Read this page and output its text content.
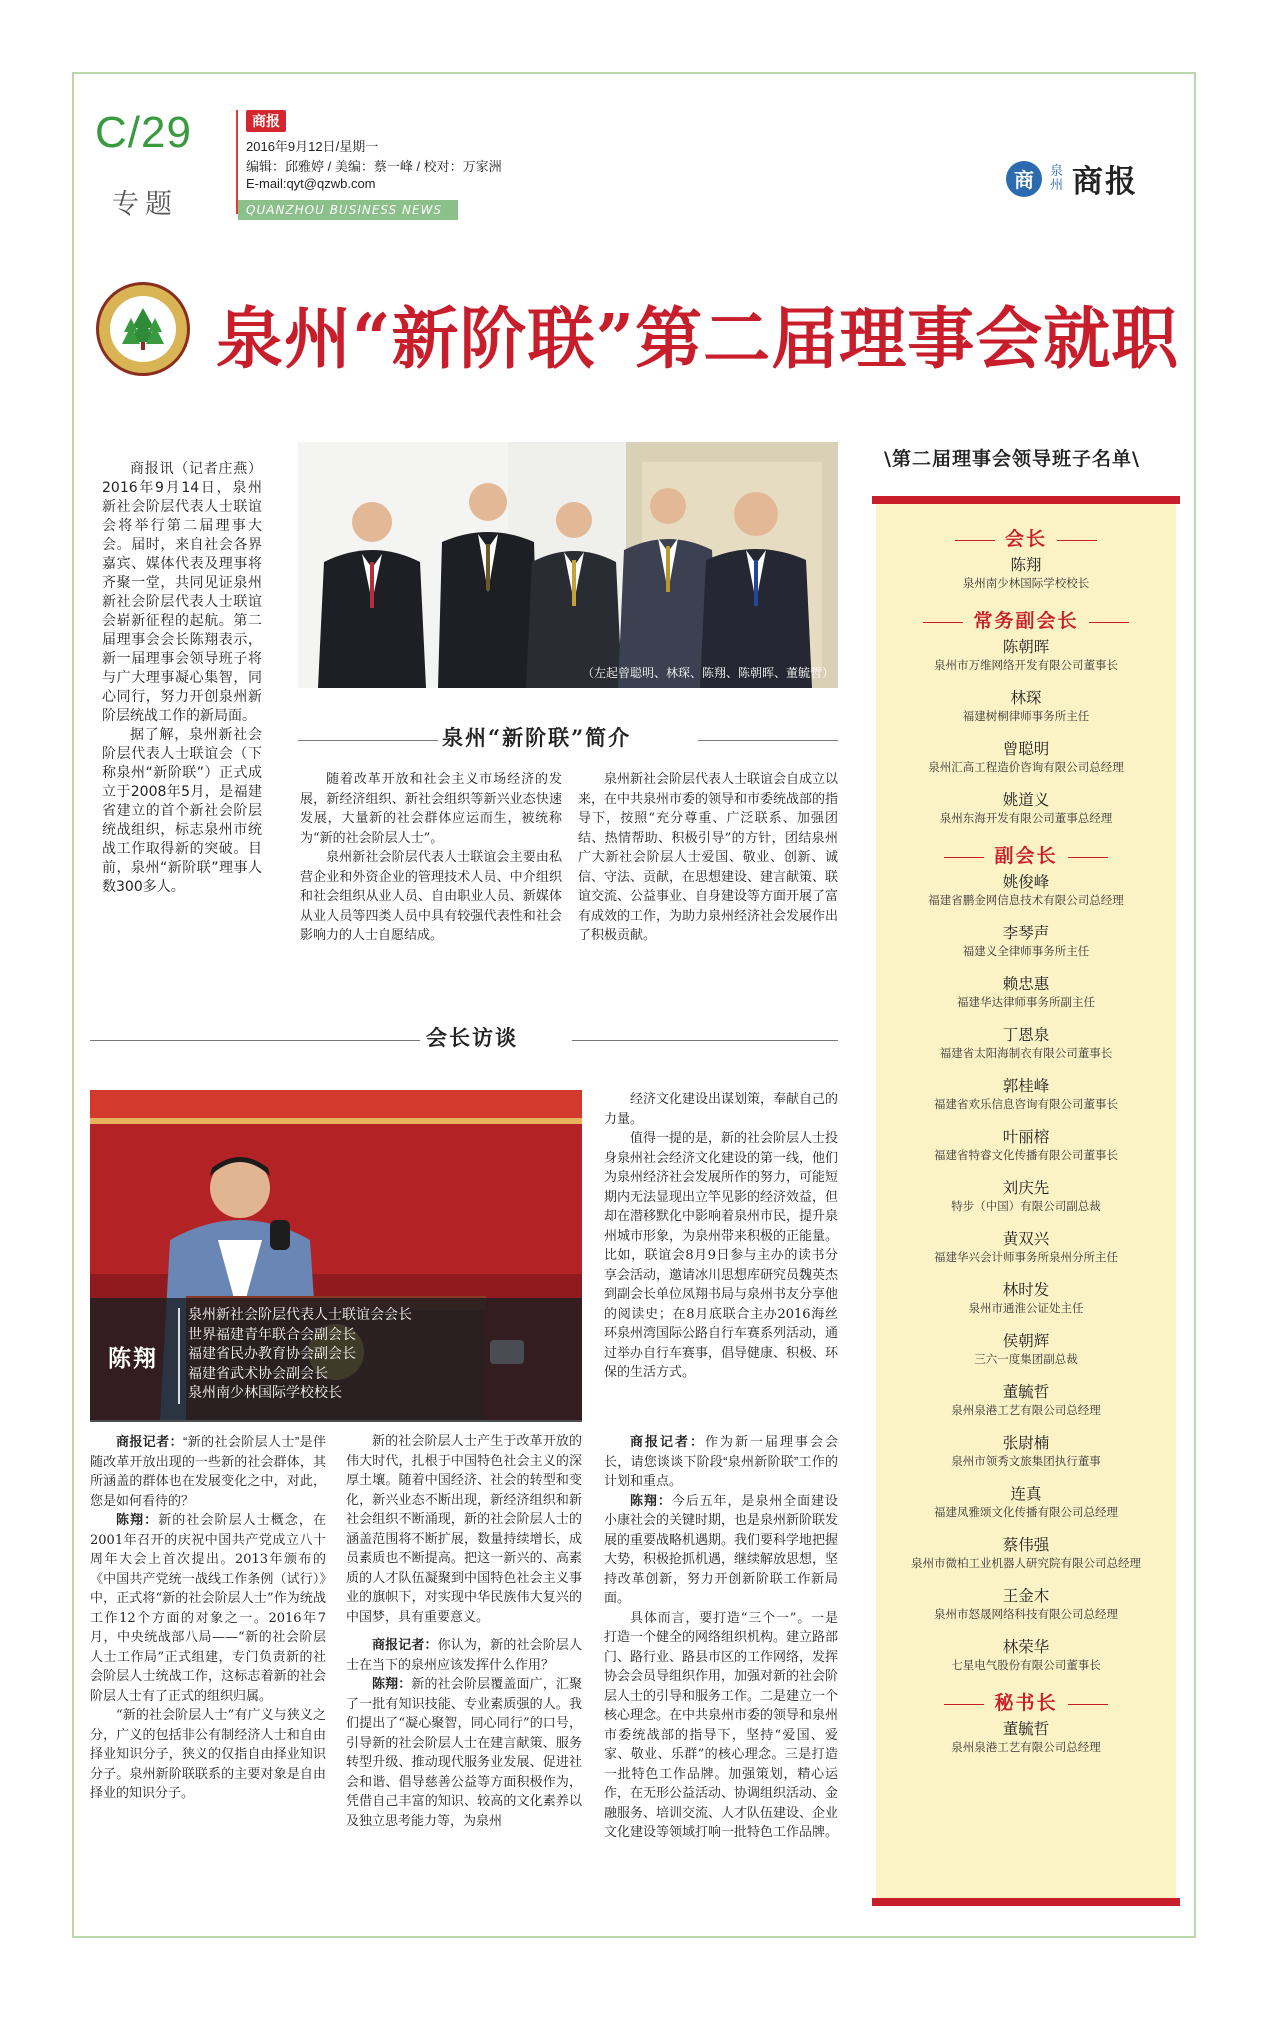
C/29
专题
商报
2016年9月12日/星期一
编辑：邱雅婷 / 美编：蔡一峰 / 校对：万家洲
E-mail:qyt@qzwb.com
QUANZHOU BUSINESS NEWS
商	泉州 商报
泉州“新阶联”第二届理事会就职

商报讯（记者庄燕）2016年9月14日，泉州新社会阶层代表人士联谊会将举行第二届理事大会。届时，来自社会各界嘉宾、媒体代表及理事将齐聚一堂，共同见证泉州新社会阶层代表人士联谊会崭新征程的起航。第二届理事会会长陈翔表示，新一届理事会领导班子将与广大理事凝心集智，同心同行，努力开创泉州新阶层统战工作的新局面。

据了解，泉州新社会阶层代表人士联谊会（下称泉州“新阶联”）正式成立于2008年5月，是福建省建立的首个新社会阶层统战组织，标志泉州市统战工作取得新的突破。目前，泉州“新阶联”理事人数300多人。

（左起曾聪明、林琛、陈翔、陈朝晖、董毓哲）
泉州“新阶联”简介

随着改革开放和社会主义市场经济的发展，新经济组织、新社会组织等新兴业态快速发展，大量新的社会群体应运而生，被统称为“新的社会阶层人士”。

泉州新社会阶层代表人士联谊会主要由私营企业和外资企业的管理技术人员、中介组织和社会组织从业人员、自由职业人员、新媒体从业人员等四类人员中具有较强代表性和社会影响力的人士自愿结成。

泉州新社会阶层代表人士联谊会自成立以来，在中共泉州市委的领导和市委统战部的指导下，按照“充分尊重、广泛联系、加强团结、热情帮助、积极引导”的方针，团结泉州广大新社会阶层人士爱国、敬业、创新、诚信、守法、贡献，在思想建设、建言献策、联谊交流、公益事业、自身建设等方面开展了富有成效的工作，为助力泉州经济社会发展作出了积极贡献。

会长访谈
陈翔
泉州新社会阶层代表人士联谊会会长
世界福建青年联合会副会长
福建省民办教育协会副会长
福建省武术协会副会长
泉州南少林国际学校校长

经济文化建设出谋划策，奉献自己的力量。

值得一提的是，新的社会阶层人士投身泉州社会经济文化建设的第一线，他们为泉州经济社会发展所作的努力，可能短期内无法显现出立竿见影的经济效益，但却在潜移默化中影响着泉州市民，提升泉州城市形象，为泉州带来积极的正能量。比如，联谊会8月9日参与主办的读书分享会活动，邀请冰川思想库研究员魏英杰到副会长单位凤翔书局与泉州书友分享他的阅读史；在8月底联合主办2016海丝环泉州湾国际公路自行车赛系列活动，通过举办自行车赛事，倡导健康、积极、环保的生活方式。

商报记者：“新的社会阶层人士”是伴随改革开放出现的一些新的社会群体，其所涵盖的群体也在发展变化之中，对此，您是如何看待的？

陈翔：新的社会阶层人士概念，在2001年召开的庆祝中国共产党成立八十周年大会上首次提出。2013年颁布的《中国共产党统一战线工作条例（试行）》中，正式将“新的社会阶层人士”作为统战工作12个方面的对象之一。2016年7月，中央统战部八局——“新的社会阶层人士工作局”正式组建，专门负责新的社会阶层人士统战工作，这标志着新的社会阶层人士有了正式的组织归属。

“新的社会阶层人士”有广义与狭义之分，广义的包括非公有制经济人士和自由择业知识分子，狭义的仅指自由择业知识分子。泉州新阶联联系的主要对象是自由择业的知识分子。

新的社会阶层人士产生于改革开放的伟大时代，扎根于中国特色社会主义的深厚土壤。随着中国经济、社会的转型和变化，新兴业态不断出现，新经济组织和新社会组织不断涌现，新的社会阶层人士的涵盖范围将不断扩展，数量持续增长，成员素质也不断提高。把这一新兴的、高素质的人才队伍凝聚到中国特色社会主义事业的旗帜下，对实现中华民族伟大复兴的中国梦，具有重要意义。

商报记者：你认为，新的社会阶层人士在当下的泉州应该发挥什么作用？

陈翔：新的社会阶层覆盖面广，汇聚了一批有知识技能、专业素质强的人。我们提出了“凝心聚智，同心同行”的口号，引导新的社会阶层人士在建言献策、服务转型升级、推动现代服务业发展、促进社会和谐、倡导慈善公益等方面积极作为，凭借自己丰富的知识、较高的文化素养以及独立思考能力等，为泉州

商报记者：作为新一届理事会会长，请您谈谈下阶段“泉州新阶联”工作的计划和重点。

陈翔：今后五年，是泉州全面建设小康社会的关键时期，也是泉州新阶联发展的重要战略机遇期。我们要科学地把握大势，积极抢抓机遇，继续解放思想，坚持改革创新，努力开创新阶联工作新局面。

具体而言，要打造“三个一”。一是打造一个健全的网络组织机构。建立路部门、路行业、路县市区的工作网络，发挥协会会员导组织作用，加强对新的社会阶层人士的引导和服务工作。二是建立一个核心理念。在中共泉州市委的领导和泉州市委统战部的指导下，坚持“爱国、爱家、敬业、乐群”的核心理念。三是打造一批特色工作品牌。加强策划，精心运作，在无形公益活动、协调组织活动、金融服务、培训交流、人才队伍建设、企业文化建设等领域打响一批特色工作品牌。

\第二届理事会领导班子名单\
会长
陈翔
泉州南少林国际学校校长
常务副会长
陈朝晖
泉州市万维网络开发有限公司董事长
林琛
福建树桐律师事务所主任
曾聪明
泉州汇高工程造价咨询有限公司总经理
姚道义
泉州东海开发有限公司董事总经理
副会长
姚俊峰
福建省鹏金网信息技术有限公司总经理
李琴声
福建义全律师事务所主任
赖忠惠
福建华达律师事务所副主任
丁恩泉
福建省太阳海制衣有限公司董事长
郭桂峰
福建省欢乐信息咨询有限公司董事长
叶丽榕
福建省特睿文化传播有限公司董事长
刘庆先
特步（中国）有限公司副总裁
黄双兴
福建华兴会计师事务所泉州分所主任
林时发
泉州市通淮公证处主任
侯朝辉
三六一度集团副总裁
董毓哲
泉州泉港工艺有限公司总经理
张尉楠
泉州市领秀文旅集团执行董事
连真
福建凤雅颂文化传播有限公司总经理
蔡伟强
泉州市微柏工业机器人研究院有限公司总经理
王金木
泉州市怒晟网络科技有限公司总经理
林荣华
七星电气股份有限公司董事长
秘书长
董毓哲
泉州泉港工艺有限公司总经理
